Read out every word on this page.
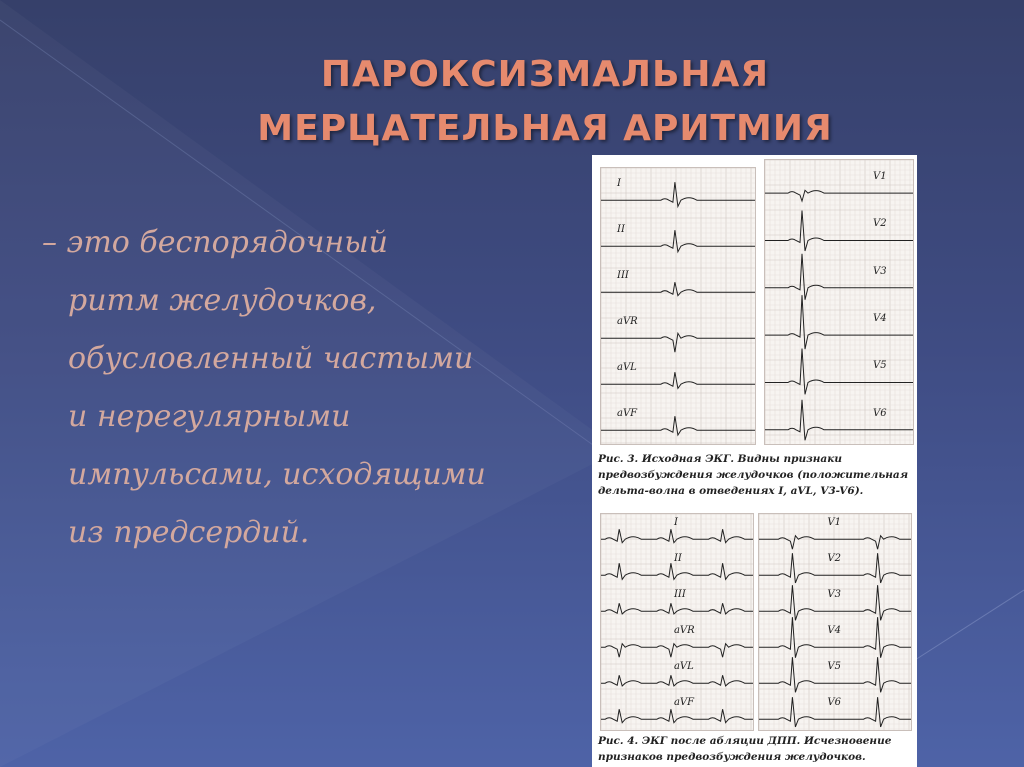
ПАРОКСИЗМАЛЬНАЯ
МЕРЦАТЕЛЬНАЯ АРИТМИЯ
– это беспорядочный
ритм желудочков,
обусловленный частыми
и нерегулярными
импульсами, исходящими
из предсердий.
I
II
III
aVR
aVL
aVF
V1
V2
V3
V4
V5
V6
Рис. 3. Исходная ЭКГ. Видны признаки
предвозбуждения желудочков (положительная
дельта-волна в отведениях I, aVL, V3-V6).
I
II
III
aVR
aVL
aVF
V1
V2
V3
V4
V5
V6
Рис. 4. ЭКГ после абляции ДПП. Исчезновение
признаков предвозбуждения желудочков.
